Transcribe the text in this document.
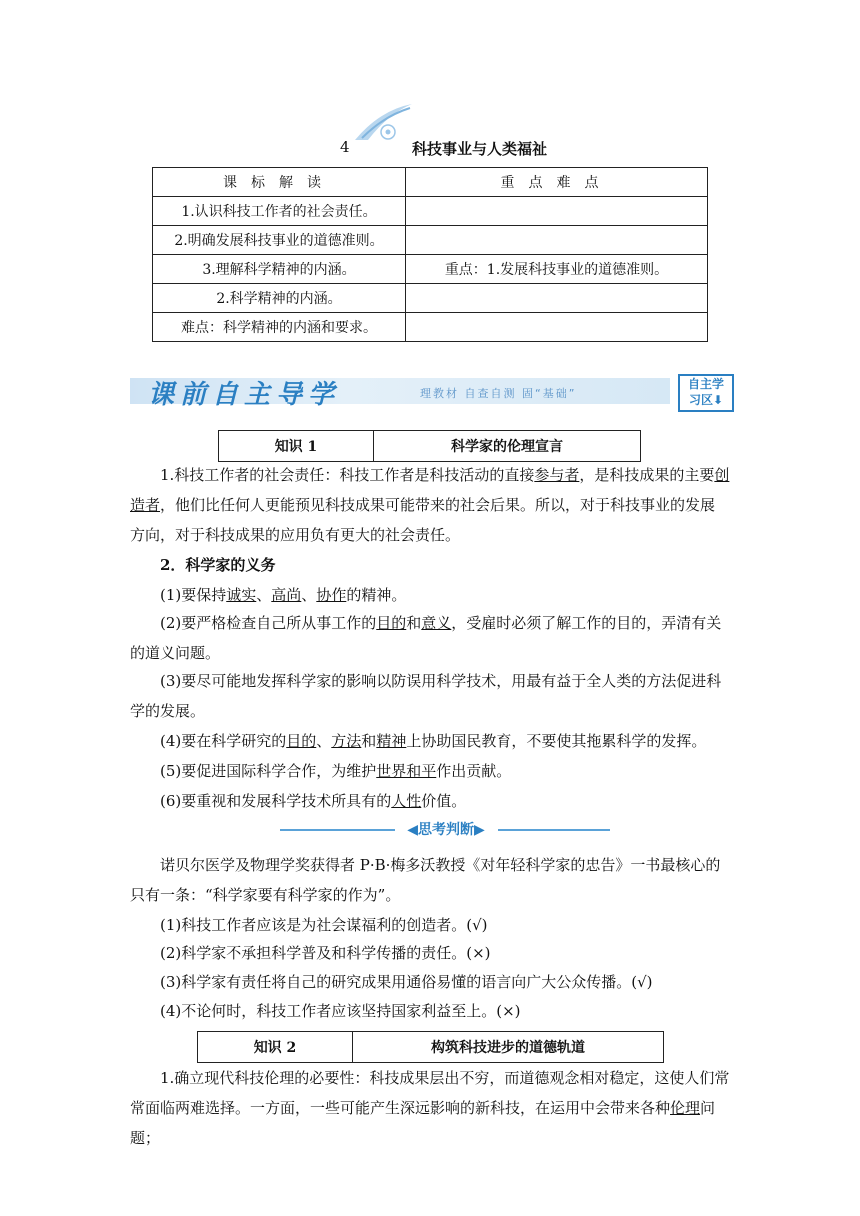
4	科技事业与人类福祉
课标解读	重点难点
1.认识科技工作者的社会责任。	
2.明确发展科技事业的道德准则。	
3.理解科学精神的内涵。	重点：1.发展科技事业的道德准则。
2.科学精神的内涵。	
难点：科学精神的内涵和要求。	
课前自主导学	理教材 自查自测 固“基础”
自主学
习区⬇
知识 1	科学家的伦理宣言
1.科技工作者的社会责任：科技工作者是科技活动的直接参与者，是科技成果的主要创造者，他们比任何人更能预见科技成果可能带来的社会后果。所以，对于科技事业的发展方向，对于科技成果的应用负有更大的社会责任。
2．科学家的义务
(1)要保持诚实、高尚、协作的精神。
(2)要严格检查自己所从事工作的目的和意义，受雇时必须了解工作的目的，弄清有关的道义问题。
(3)要尽可能地发挥科学家的影响以防误用科学技术，用最有益于全人类的方法促进科学的发展。
(4)要在科学研究的目的、方法和精神上协助国民教育，不要使其拖累科学的发挥。
(5)要促进国际科学合作，为维护世界和平作出贡献。
(6)要重视和发展科学技术所具有的人性价值。
◀思考判断▶
诺贝尔医学及物理学奖获得者 P·B·梅多沃教授《对年轻科学家的忠告》一书最核心的只有一条：“科学家要有科学家的作为”。
(1)科技工作者应该是为社会谋福利的创造者。(√)
(2)科学家不承担科学普及和科学传播的责任。(×)
(3)科学家有责任将自己的研究成果用通俗易懂的语言向广大公众传播。(√)
(4)不论何时，科技工作者应该坚持国家利益至上。(×)
知识 2	构筑科技进步的道德轨道
1.确立现代科技伦理的必要性：科技成果层出不穷，而道德观念相对稳定，这使人们常常面临两难选择。一方面，一些可能产生深远影响的新科技，在运用中会带来各种伦理问题；
